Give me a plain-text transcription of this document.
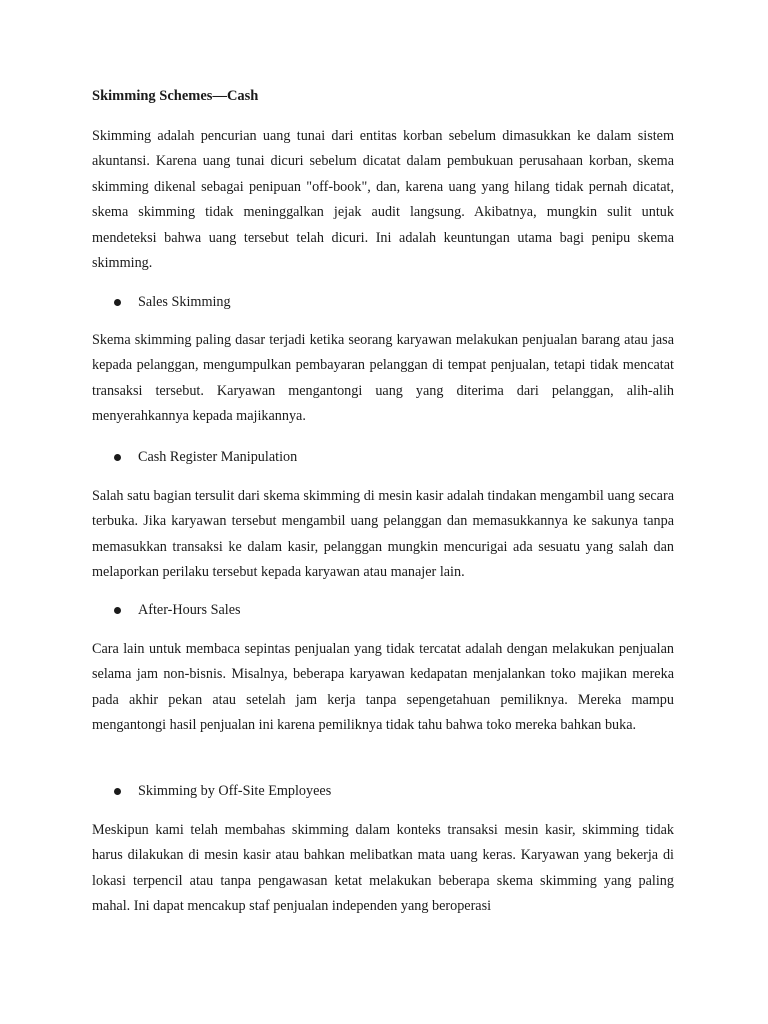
Skimming Schemes—Cash

Skimming adalah pencurian uang tunai dari entitas korban sebelum dimasukkan ke dalam sistem akuntansi. Karena uang tunai dicuri sebelum dicatat dalam pembukuan perusahaan korban, skema skimming dikenal sebagai penipuan "off-book", dan, karena uang yang hilang tidak pernah dicatat, skema skimming tidak meninggalkan jejak audit langsung. Akibatnya, mungkin sulit untuk mendeteksi bahwa uang tersebut telah dicuri. Ini adalah keuntungan utama bagi penipu skema skimming.

Sales Skimming

Skema skimming paling dasar terjadi ketika seorang karyawan melakukan penjualan barang atau jasa kepada pelanggan, mengumpulkan pembayaran pelanggan di tempat penjualan, tetapi tidak mencatat transaksi tersebut. Karyawan mengantongi uang yang diterima dari pelanggan, alih-alih menyerahkannya kepada majikannya.

Cash Register Manipulation

Salah satu bagian tersulit dari skema skimming di mesin kasir adalah tindakan mengambil uang secara terbuka. Jika karyawan tersebut mengambil uang pelanggan dan memasukkannya ke sakunya tanpa memasukkan transaksi ke dalam kasir, pelanggan mungkin mencurigai ada sesuatu yang salah dan melaporkan perilaku tersebut kepada karyawan atau manajer lain.

After-Hours Sales

Cara lain untuk membaca sepintas penjualan yang tidak tercatat adalah dengan melakukan penjualan selama jam non-bisnis. Misalnya, beberapa karyawan kedapatan menjalankan toko majikan mereka pada akhir pekan atau setelah jam kerja tanpa sepengetahuan pemiliknya. Mereka mampu mengantongi hasil penjualan ini karena pemiliknya tidak tahu bahwa toko mereka bahkan buka.

Skimming by Off-Site Employees

Meskipun kami telah membahas skimming dalam konteks transaksi mesin kasir, skimming tidak harus dilakukan di mesin kasir atau bahkan melibatkan mata uang keras. Karyawan yang bekerja di lokasi terpencil atau tanpa pengawasan ketat melakukan beberapa skema skimming yang paling mahal. Ini dapat mencakup staf penjualan independen yang beroperasi
